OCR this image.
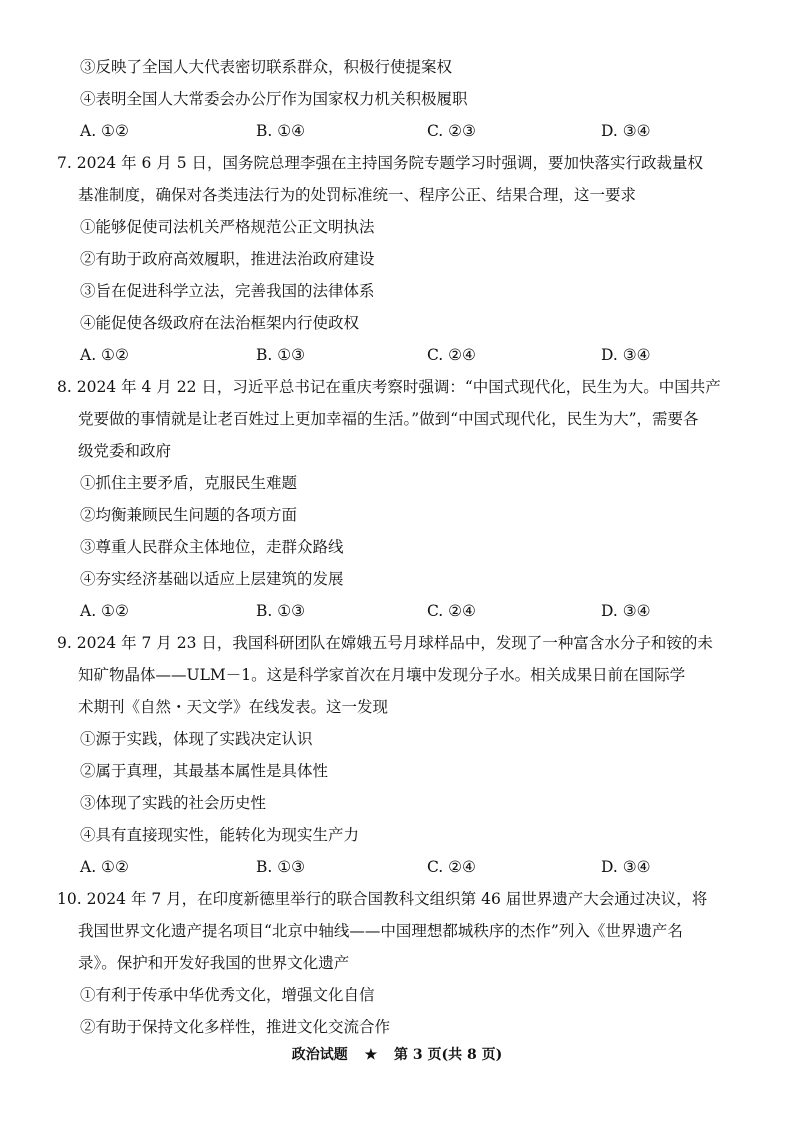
③反映了全国人大代表密切联系群众，积极行使提案权
④表明全国人大常委会办公厅作为国家权力机关积极履职
A. ①②	B. ①④	C. ②③	D. ③④
7. 2024 年 6 月 5 日，国务院总理李强在主持国务院专题学习时强调，要加快落实行政裁量权
基准制度，确保对各类违法行为的处罚标准统一、程序公正、结果合理，这一要求
①能够促使司法机关严格规范公正文明执法
②有助于政府高效履职，推进法治政府建设
③旨在促进科学立法，完善我国的法律体系
④能促使各级政府在法治框架内行使政权
A. ①②	B. ①③	C. ②④	D. ③④
8. 2024 年 4 月 22 日，习近平总书记在重庆考察时强调：“中国式现代化，民生为大。中国共产
党要做的事情就是让老百姓过上更加幸福的生活。”做到“中国式现代化，民生为大”，需要各
级党委和政府
①抓住主要矛盾，克服民生难题
②均衡兼顾民生问题的各项方面
③尊重人民群众主体地位，走群众路线
④夯实经济基础以适应上层建筑的发展
A. ①②	B. ①③	C. ②④	D. ③④
9. 2024 年 7 月 23 日，我国科研团队在嫦娥五号月球样品中，发现了一种富含水分子和铵的未
知矿物晶体——ULM－1。这是科学家首次在月壤中发现分子水。相关成果日前在国际学
术期刊《自然・天文学》在线发表。这一发现
①源于实践，体现了实践决定认识
②属于真理，其最基本属性是具体性
③体现了实践的社会历史性
④具有直接现实性，能转化为现实生产力
A. ①②	B. ①③	C. ②④	D. ③④
10. 2024 年 7 月，在印度新德里举行的联合国教科文组织第 46 届世界遗产大会通过决议，将
我国世界文化遗产提名项目“北京中轴线——中国理想都城秩序的杰作”列入《世界遗产名
录》。保护和开发好我国的世界文化遗产
①有利于传承中华优秀文化，增强文化自信
②有助于保持文化多样性，推进文化交流合作
政治试题 ★ 第 3 页(共 8 页)
